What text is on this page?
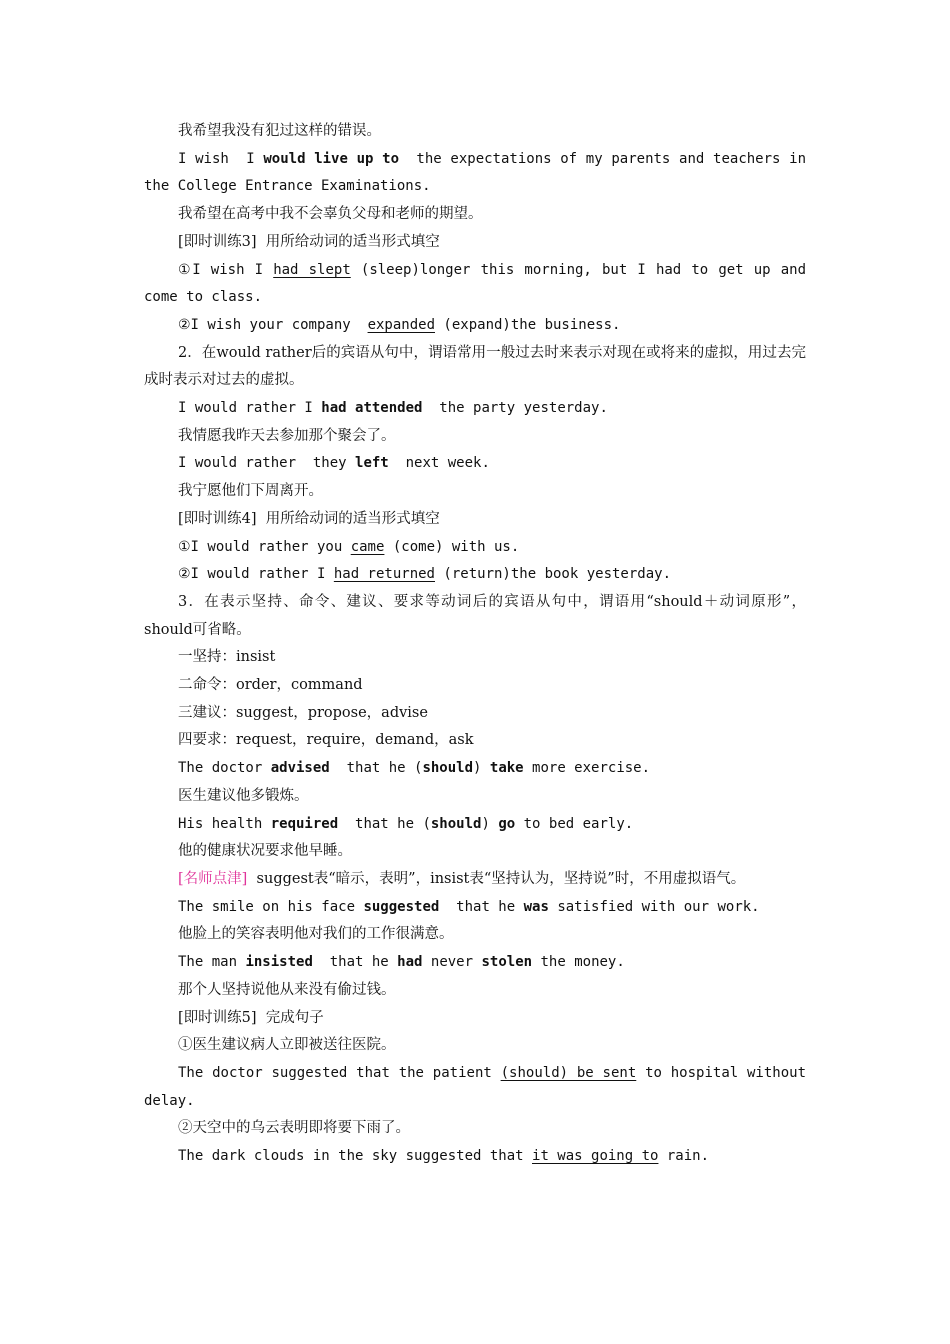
我希望我没有犯过这样的错误。

I wish  I would live up to  the expectations of my parents and teachers in the College Entrance Examinations.

我希望在高考中我不会辜负父母和老师的期望。

[即时训练3]  用所给动词的适当形式填空

①I wish I had slept (sleep)longer this morning, but I had to get up and come to class.

②I wish your company  expanded (expand)the business.

2．在would rather后的宾语从句中，谓语常用一般过去时来表示对现在或将来的虚拟，用过去完成时表示对过去的虚拟。

I would rather I had attended  the party yesterday.

我情愿我昨天去参加那个聚会了。

I would rather  they left  next week.

我宁愿他们下周离开。

[即时训练4]  用所给动词的适当形式填空

①I would rather you came (come) with us.

②I would rather I had returned (return)the book yesterday.

3．在表示坚持、命令、建议、要求等动词后的宾语从句中，谓语用“should＋动词原形”，should可省略。

一坚持：insist

二命令：order，command

三建议：suggest，propose，advise

四要求：request，require，demand，ask

The doctor advised  that he (should) take more exercise.

医生建议他多锻炼。

His health required  that he (should) go to bed early.

他的健康状况要求他早睡。

[名师点津]  suggest表“暗示，表明”，insist表“坚持认为，坚持说”时，不用虚拟语气。

The smile on his face suggested  that he was satisfied with our work.

他脸上的笑容表明他对我们的工作很满意。

The man insisted  that he had never stolen the money.

那个人坚持说他从来没有偷过钱。

[即时训练5]  完成句子

①医生建议病人立即被送往医院。

The doctor suggested that the patient (should) be sent to hospital without delay.

②天空中的乌云表明即将要下雨了。

The dark clouds in the sky suggested that it was going to rain.
